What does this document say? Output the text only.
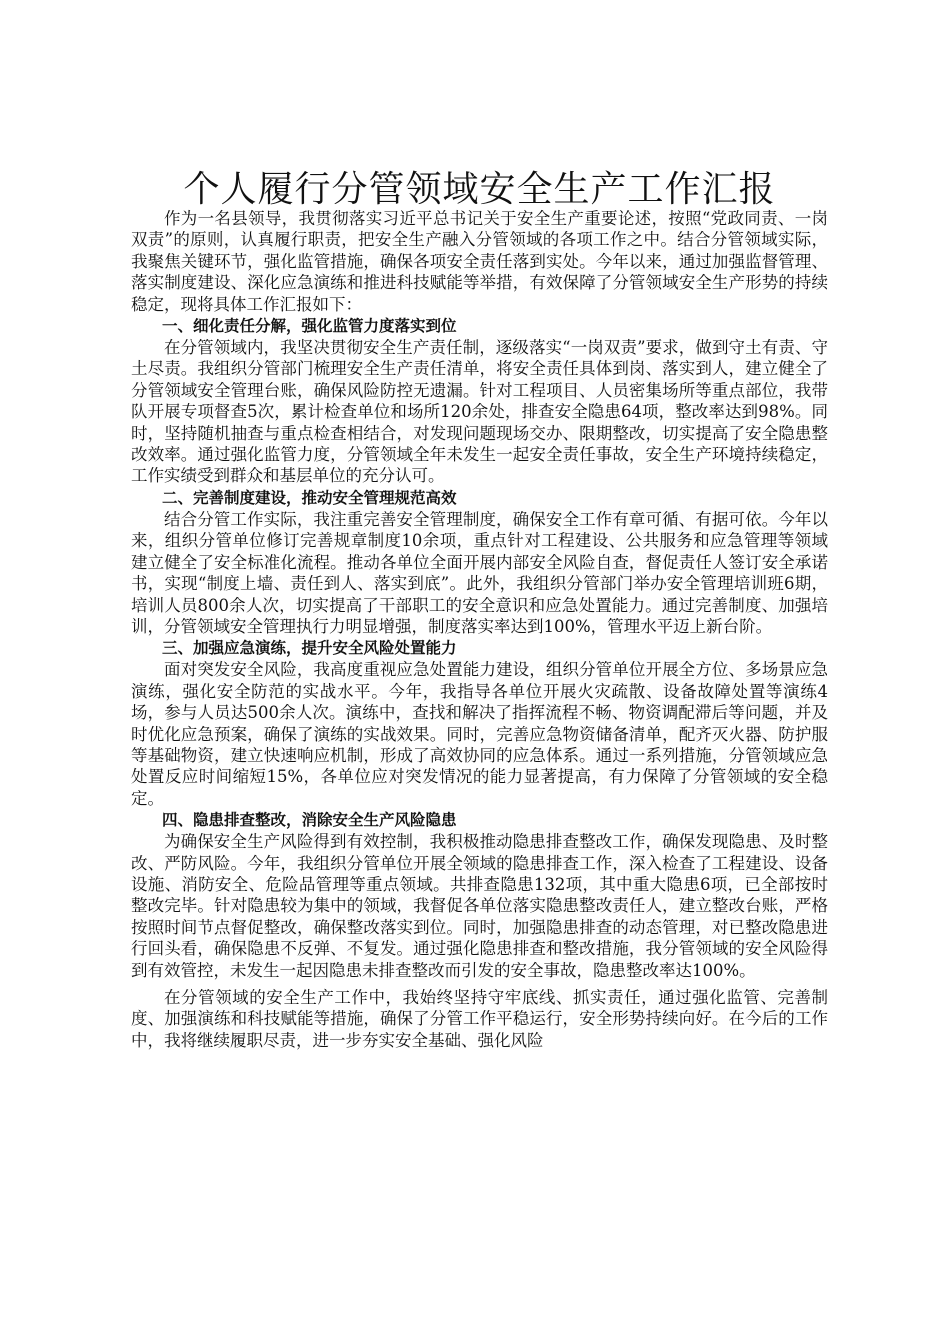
个人履行分管领域安全生产工作汇报

作为一名县领导，我贯彻落实习近平总书记关于安全生产重要论述，按照“党政同责、一岗双责”的原则，认真履行职责，把安全生产融入分管领域的各项工作之中。结合分管领域实际，我聚焦关键环节，强化监管措施，确保各项安全责任落到实处。今年以来，通过加强监督管理、落实制度建设、深化应急演练和推进科技赋能等举措，有效保障了分管领域安全生产形势的持续稳定，现将具体工作汇报如下：

一、细化责任分解，强化监管力度落实到位

在分管领域内，我坚决贯彻安全生产责任制，逐级落实“一岗双责”要求，做到守土有责、守土尽责。我组织分管部门梳理安全生产责任清单，将安全责任具体到岗、落实到人，建立健全了分管领域安全管理台账，确保风险防控无遗漏。针对工程项目、人员密集场所等重点部位，我带队开展专项督查5次，累计检查单位和场所120余处，排查安全隐患64项，整改率达到98%。同时，坚持随机抽查与重点检查相结合，对发现问题现场交办、限期整改，切实提高了安全隐患整改效率。通过强化监管力度，分管领域全年未发生一起安全责任事故，安全生产环境持续稳定，工作实绩受到群众和基层单位的充分认可。

二、完善制度建设，推动安全管理规范高效

结合分管工作实际，我注重完善安全管理制度，确保安全工作有章可循、有据可依。今年以来，组织分管单位修订完善规章制度10余项，重点针对工程建设、公共服务和应急管理等领域建立健全了安全标准化流程。推动各单位全面开展内部安全风险自查，督促责任人签订安全承诺书，实现“制度上墙、责任到人、落实到底”。此外，我组织分管部门举办安全管理培训班6期，培训人员800余人次，切实提高了干部职工的安全意识和应急处置能力。通过完善制度、加强培训，分管领域安全管理执行力明显增强，制度落实率达到100%，管理水平迈上新台阶。

三、加强应急演练，提升安全风险处置能力

面对突发安全风险，我高度重视应急处置能力建设，组织分管单位开展全方位、多场景应急演练，强化安全防范的实战水平。今年，我指导各单位开展火灾疏散、设备故障处置等演练4场，参与人员达500余人次。演练中，查找和解决了指挥流程不畅、物资调配滞后等问题，并及时优化应急预案，确保了演练的实战效果。同时，完善应急物资储备清单，配齐灭火器、防护服等基础物资，建立快速响应机制，形成了高效协同的应急体系。通过一系列措施，分管领域应急处置反应时间缩短15%，各单位应对突发情况的能力显著提高，有力保障了分管领域的安全稳定。

四、隐患排查整改，消除安全生产风险隐患

为确保安全生产风险得到有效控制，我积极推动隐患排查整改工作，确保发现隐患、及时整改、严防风险。今年，我组织分管单位开展全领域的隐患排查工作，深入检查了工程建设、设备设施、消防安全、危险品管理等重点领域。共排查隐患132项，其中重大隐患6项，已全部按时整改完毕。针对隐患较为集中的领域，我督促各单位落实隐患整改责任人，建立整改台账，严格按照时间节点督促整改，确保整改落实到位。同时，加强隐患排查的动态管理，对已整改隐患进行回头看，确保隐患不反弹、不复发。通过强化隐患排查和整改措施，我分管领域的安全风险得到有效管控，未发生一起因隐患未排查整改而引发的安全事故，隐患整改率达100%。

在分管领域的安全生产工作中，我始终坚持守牢底线、抓实责任，通过强化监管、完善制度、加强演练和科技赋能等措施，确保了分管工作平稳运行，安全形势持续向好。在今后的工作中，我将继续履职尽责，进一步夯实安全基础、强化风险
